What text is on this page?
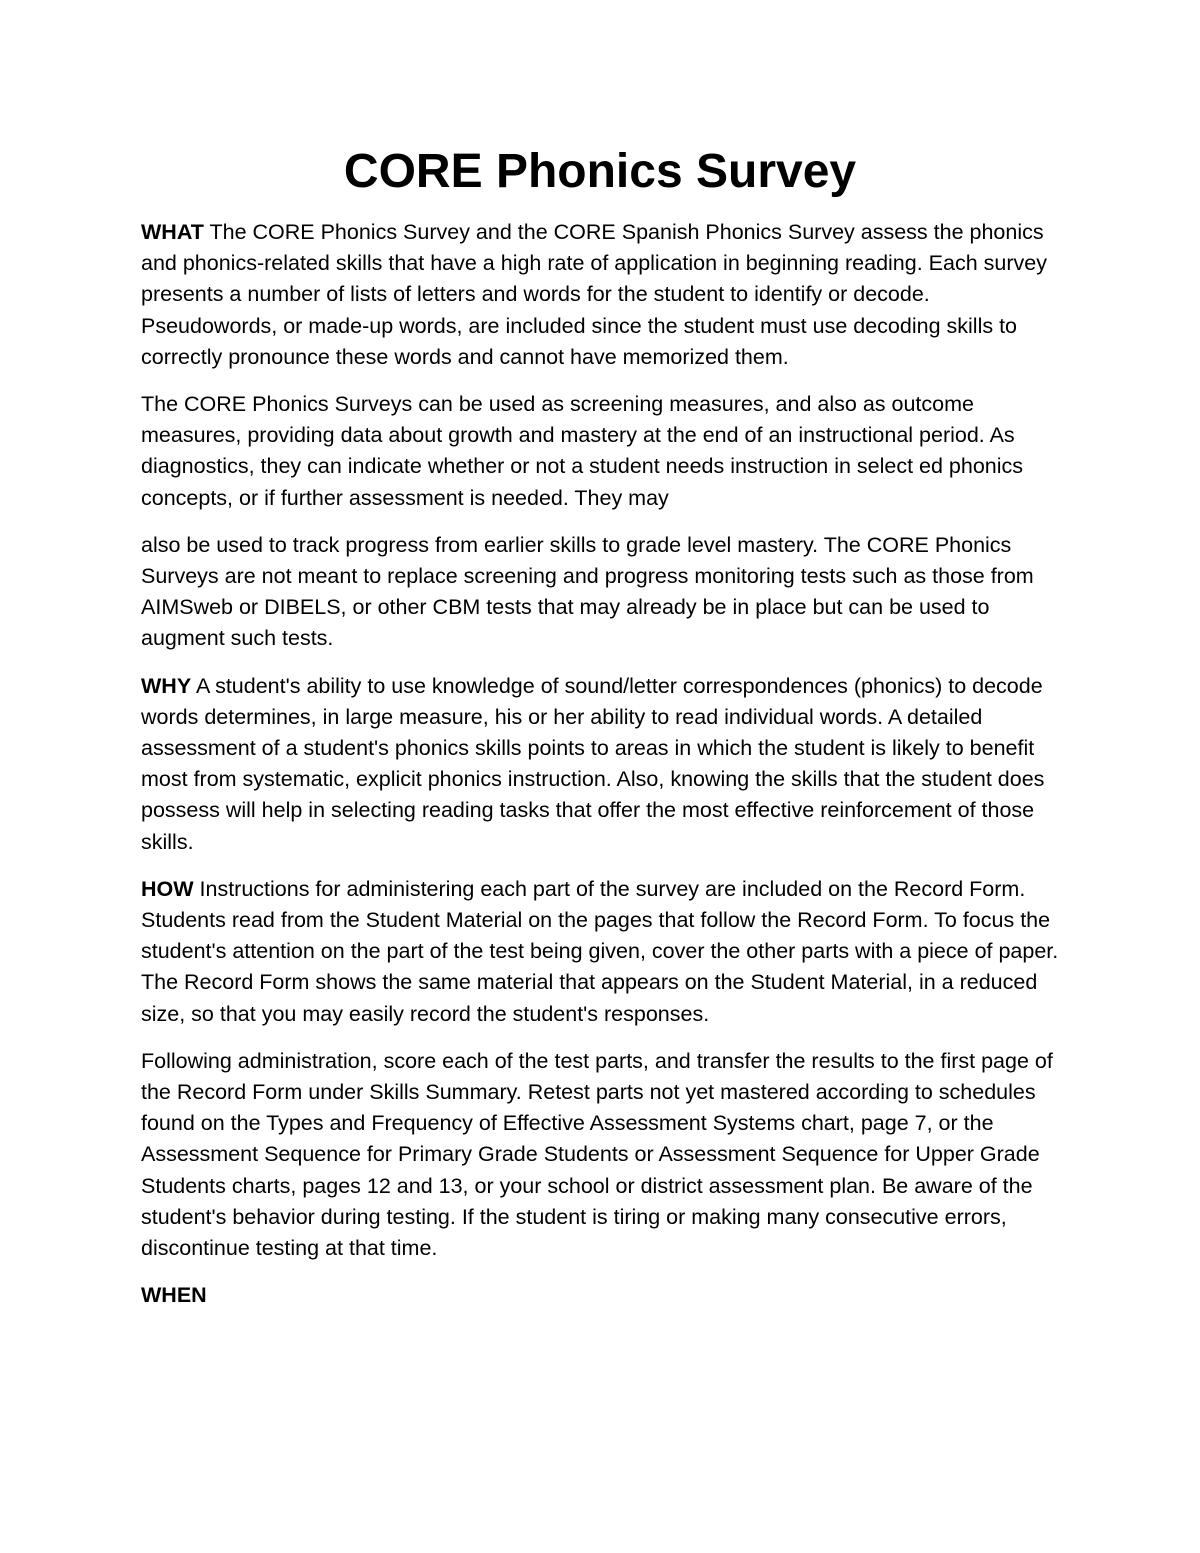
CORE Phonics Survey

WHAT The CORE Phonics Survey and the CORE Spanish Phonics Survey assess the phonics and phonics-related skills that have a high rate of application in beginning reading. Each survey presents a number of lists of letters and words for the student to identify or decode. Pseudowords, or made-up words, are included since the student must use decoding skills to correctly pronounce these words and cannot have memorized them.

The CORE Phonics Surveys can be used as screening measures, and also as outcome measures, providing data about growth and mastery at the end of an instructional period. As diagnostics, they can indicate whether or not a student needs instruction in select ed phonics concepts, or if further assessment is needed. They may

also be used to track progress from earlier skills to grade level mastery. The CORE Phonics Surveys are not meant to replace screening and progress monitoring tests such as those from AIMSweb or DIBELS, or other CBM tests that may already be in place but can be used to augment such tests.

WHY A student's ability to use knowledge of sound/letter correspondences (phonics) to decode words determines, in large measure, his or her ability to read individual words. A detailed assessment of a student's phonics skills points to areas in which the student is likely to benefit most from systematic, explicit phonics instruction. Also, knowing the skills that the student does possess will help in selecting reading tasks that offer the most effective reinforcement of those skills.

HOW Instructions for administering each part of the survey are included on the Record Form. Students read from the Student Material on the pages that follow the Record Form. To focus the student's attention on the part of the test being given, cover the other parts with a piece of paper. The Record Form shows the same material that appears on the Student Material, in a reduced size, so that you may easily record the student's responses.

Following administration, score each of the test parts, and transfer the results to the first page of the Record Form under Skills Summary. Retest parts not yet mastered according to schedules found on the Types and Frequency of Effective Assessment Systems chart, page 7, or the Assessment Sequence for Primary Grade Students or Assessment Sequence for Upper Grade Students charts, pages 12 and 13, or your school or district assessment plan. Be aware of the student's behavior during testing. If the student is tiring or making many consecutive errors, discontinue testing at that time.

WHEN
